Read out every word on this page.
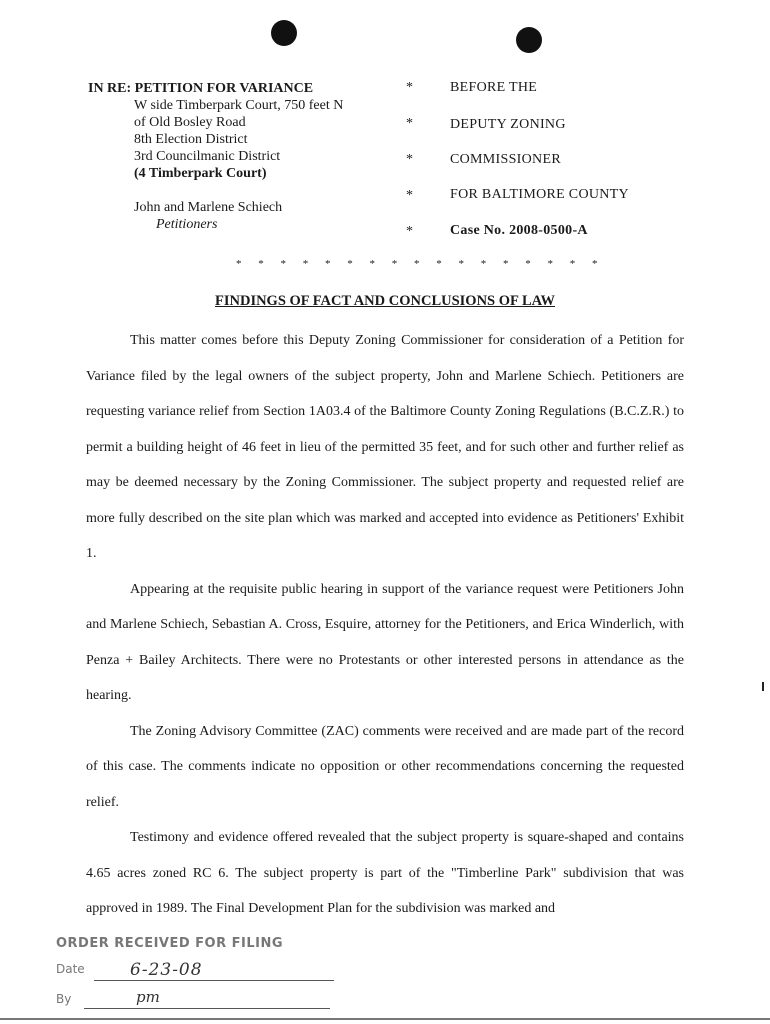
IN RE: PETITION FOR VARIANCE
W side Timberpark Court, 750 feet N
of Old Bosley Road
8th Election District
3rd Councilmanic District
(4 Timberpark Court)
John and Marlene Schiech
Petitioners
*
*
*
*
*
BEFORE THE
DEPUTY ZONING
COMMISSIONER
FOR BALTIMORE COUNTY
Case No. 2008-0500-A
* * * * * * * * * * * * * * * * *
FINDINGS OF FACT AND CONCLUSIONS OF LAW

This matter comes before this Deputy Zoning Commissioner for consideration of a Petition for Variance filed by the legal owners of the subject property, John and Marlene Schiech. Petitioners are requesting variance relief from Section 1A03.4 of the Baltimore County Zoning Regulations (B.C.Z.R.) to permit a building height of 46 feet in lieu of the permitted 35 feet, and for such other and further relief as may be deemed necessary by the Zoning Commissioner. The subject property and requested relief are more fully described on the site plan which was marked and accepted into evidence as Petitioners' Exhibit 1.

Appearing at the requisite public hearing in support of the variance request were Petitioners John and Marlene Schiech, Sebastian A. Cross, Esquire, attorney for the Petitioners, and Erica Winderlich, with Penza + Bailey Architects. There were no Protestants or other interested persons in attendance as the hearing.

The Zoning Advisory Committee (ZAC) comments were received and are made part of the record of this case. The comments indicate no opposition or other recommendations concerning the requested relief.

Testimony and evidence offered revealed that the subject property is square-shaped and contains 4.65 acres zoned RC 6. The subject property is part of the "Timberline Park" subdivision that was approved in 1989. The Final Development Plan for the subdivision was marked and

ORDER RECEIVED FOR FILING
Date	6-23-08
By	pm
